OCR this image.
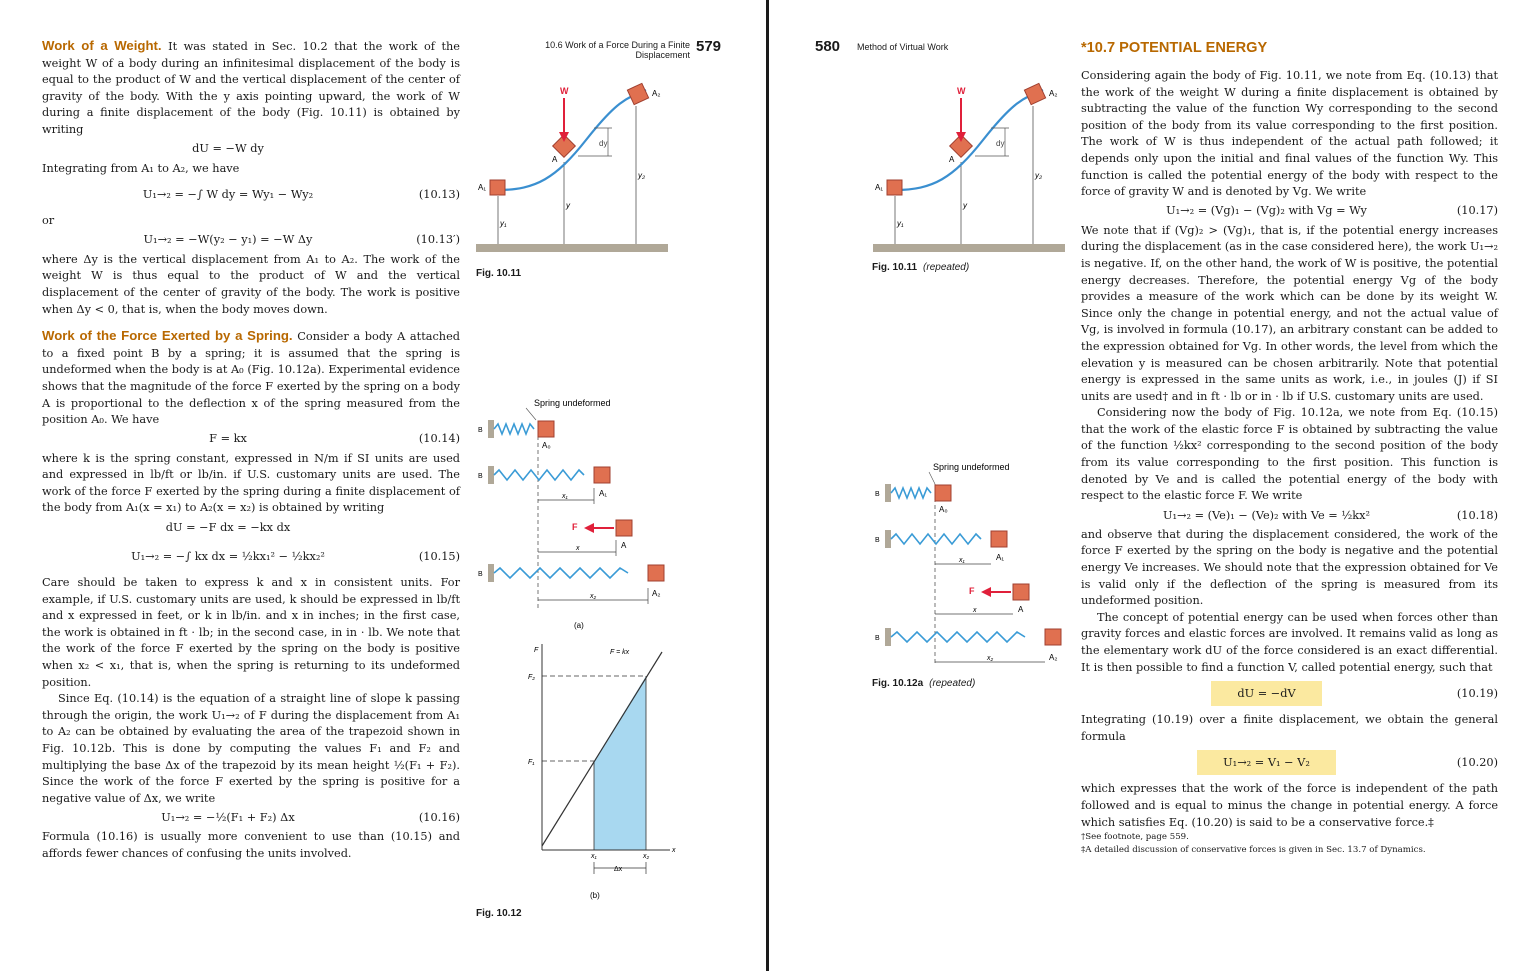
Work of a Weight. It was stated in Sec. 10.2 that the work of the weight W of a body during an infinitesimal displacement of the body is equal to the product of W and the vertical displacement of the center of gravity of the body. With the y axis pointing upward, the work of W during a finite displacement of the body (Fig. 10.11) is obtained by writing

dU = −W dy

Integrating from A₁ to A₂, we have

U₁→₂ = −∫ W dy = Wy₁ − Wy₂	(10.13)

or

U₁→₂ = −W(y₂ − y₁) = −W Δy	(10.13′)

where Δy is the vertical displacement from A₁ to A₂. The work of the weight W is thus equal to the product of W and the vertical displacement of the center of gravity of the body. The work is positive when Δy < 0, that is, when the body moves down.

Work of the Force Exerted by a Spring. Consider a body A attached to a fixed point B by a spring; it is assumed that the spring is undeformed when the body is at A₀ (Fig. 10.12a). Experimental evidence shows that the magnitude of the force F exerted by the spring on a body A is proportional to the deflection x of the spring measured from the position A₀. We have

F = kx	(10.14)

where k is the spring constant, expressed in N/m if SI units are used and expressed in lb/ft or lb/in. if U.S. customary units are used. The work of the force F exerted by the spring during a finite displacement of the body from A₁(x = x₁) to A₂(x = x₂) is obtained by writing

dU = −F dx = −kx dx
U₁→₂ = −∫ kx dx = ½kx₁² − ½kx₂²	(10.15)

Care should be taken to express k and x in consistent units. For example, if U.S. customary units are used, k should be expressed in lb/ft and x expressed in feet, or k in lb/in. and x in inches; in the first case, the work is obtained in ft · lb; in the second case, in in · lb. We note that the work of the force F exerted by the spring on the body is positive when x₂ < x₁, that is, when the spring is returning to its undeformed position.

Since Eq. (10.14) is the equation of a straight line of slope k passing through the origin, the work U₁→₂ of F during the displacement from A₁ to A₂ can be obtained by evaluating the area of the trapezoid shown in Fig. 10.12b. This is done by computing the values F₁ and F₂ and multiplying the base Δx of the trapezoid by its mean height ½(F₁ + F₂). Since the work of the force F exerted by the spring is positive for a negative value of Δx, we write

U₁→₂ = −½(F₁ + F₂) Δx	(10.16)

Formula (10.16) is usually more convenient to use than (10.15) and affords fewer chances of confusing the units involved.

10.6 Work of a Force During a Finite Displacement 579
W
A
A₁
A₂
dy
y
y₁
y₂
Fig. 10.11
Spring undeformed
B
A₀
B
A₁
x₁
F
A
x
B
A₂
x₂
(a)
F
x
F = kx
F₁
F₂
x₁	x₂
Δx
(b)
Fig. 10.12
580 Method of Virtual Work
W
A
A₁
A₂
dy
y
y₁
y₂
Fig. 10.11 (repeated)
Spring undeformed
B
A₀
B
A₁
x₁
F
A
x
B
A₂
x₂
Fig. 10.12a (repeated)
*10.7 POTENTIAL ENERGY

Considering again the body of Fig. 10.11, we note from Eq. (10.13) that the work of the weight W during a finite displacement is obtained by subtracting the value of the function Wy corresponding to the second position of the body from its value corresponding to the first position. The work of W is thus independent of the actual path followed; it depends only upon the initial and final values of the function Wy. This function is called the potential energy of the body with respect to the force of gravity W and is denoted by Vg. We write

U₁→₂ = (Vg)₁ − (Vg)₂ with Vg = Wy	(10.17)

We note that if (Vg)₂ > (Vg)₁, that is, if the potential energy increases during the displacement (as in the case considered here), the work U₁→₂ is negative. If, on the other hand, the work of W is positive, the potential energy decreases. Therefore, the potential energy Vg of the body provides a measure of the work which can be done by its weight W. Since only the change in potential energy, and not the actual value of Vg, is involved in formula (10.17), an arbitrary constant can be added to the expression obtained for Vg. In other words, the level from which the elevation y is measured can be chosen arbitrarily. Note that potential energy is expressed in the same units as work, i.e., in joules (J) if SI units are used† and in ft · lb or in · lb if U.S. customary units are used.

Considering now the body of Fig. 10.12a, we note from Eq. (10.15) that the work of the elastic force F is obtained by subtracting the value of the function ½kx² corresponding to the second position of the body from its value corresponding to the first position. This function is denoted by Ve and is called the potential energy of the body with respect to the elastic force F. We write

U₁→₂ = (Ve)₁ − (Ve)₂ with Ve = ½kx²	(10.18)

and observe that during the displacement considered, the work of the force F exerted by the spring on the body is negative and the potential energy Ve increases. We should note that the expression obtained for Ve is valid only if the deflection of the spring is measured from its undeformed position.

The concept of potential energy can be used when forces other than gravity forces and elastic forces are involved. It remains valid as long as the elementary work dU of the force considered is an exact differential. It is then possible to find a function V, called potential energy, such that

dU = −dV	(10.19)

Integrating (10.19) over a finite displacement, we obtain the general formula

U₁→₂ = V₁ − V₂	(10.20)

which expresses that the work of the force is independent of the path followed and is equal to minus the change in potential energy. A force which satisfies Eq. (10.20) is said to be a conservative force.‡

†See footnote, page 559.

‡A detailed discussion of conservative forces is given in Sec. 13.7 of Dynamics.
